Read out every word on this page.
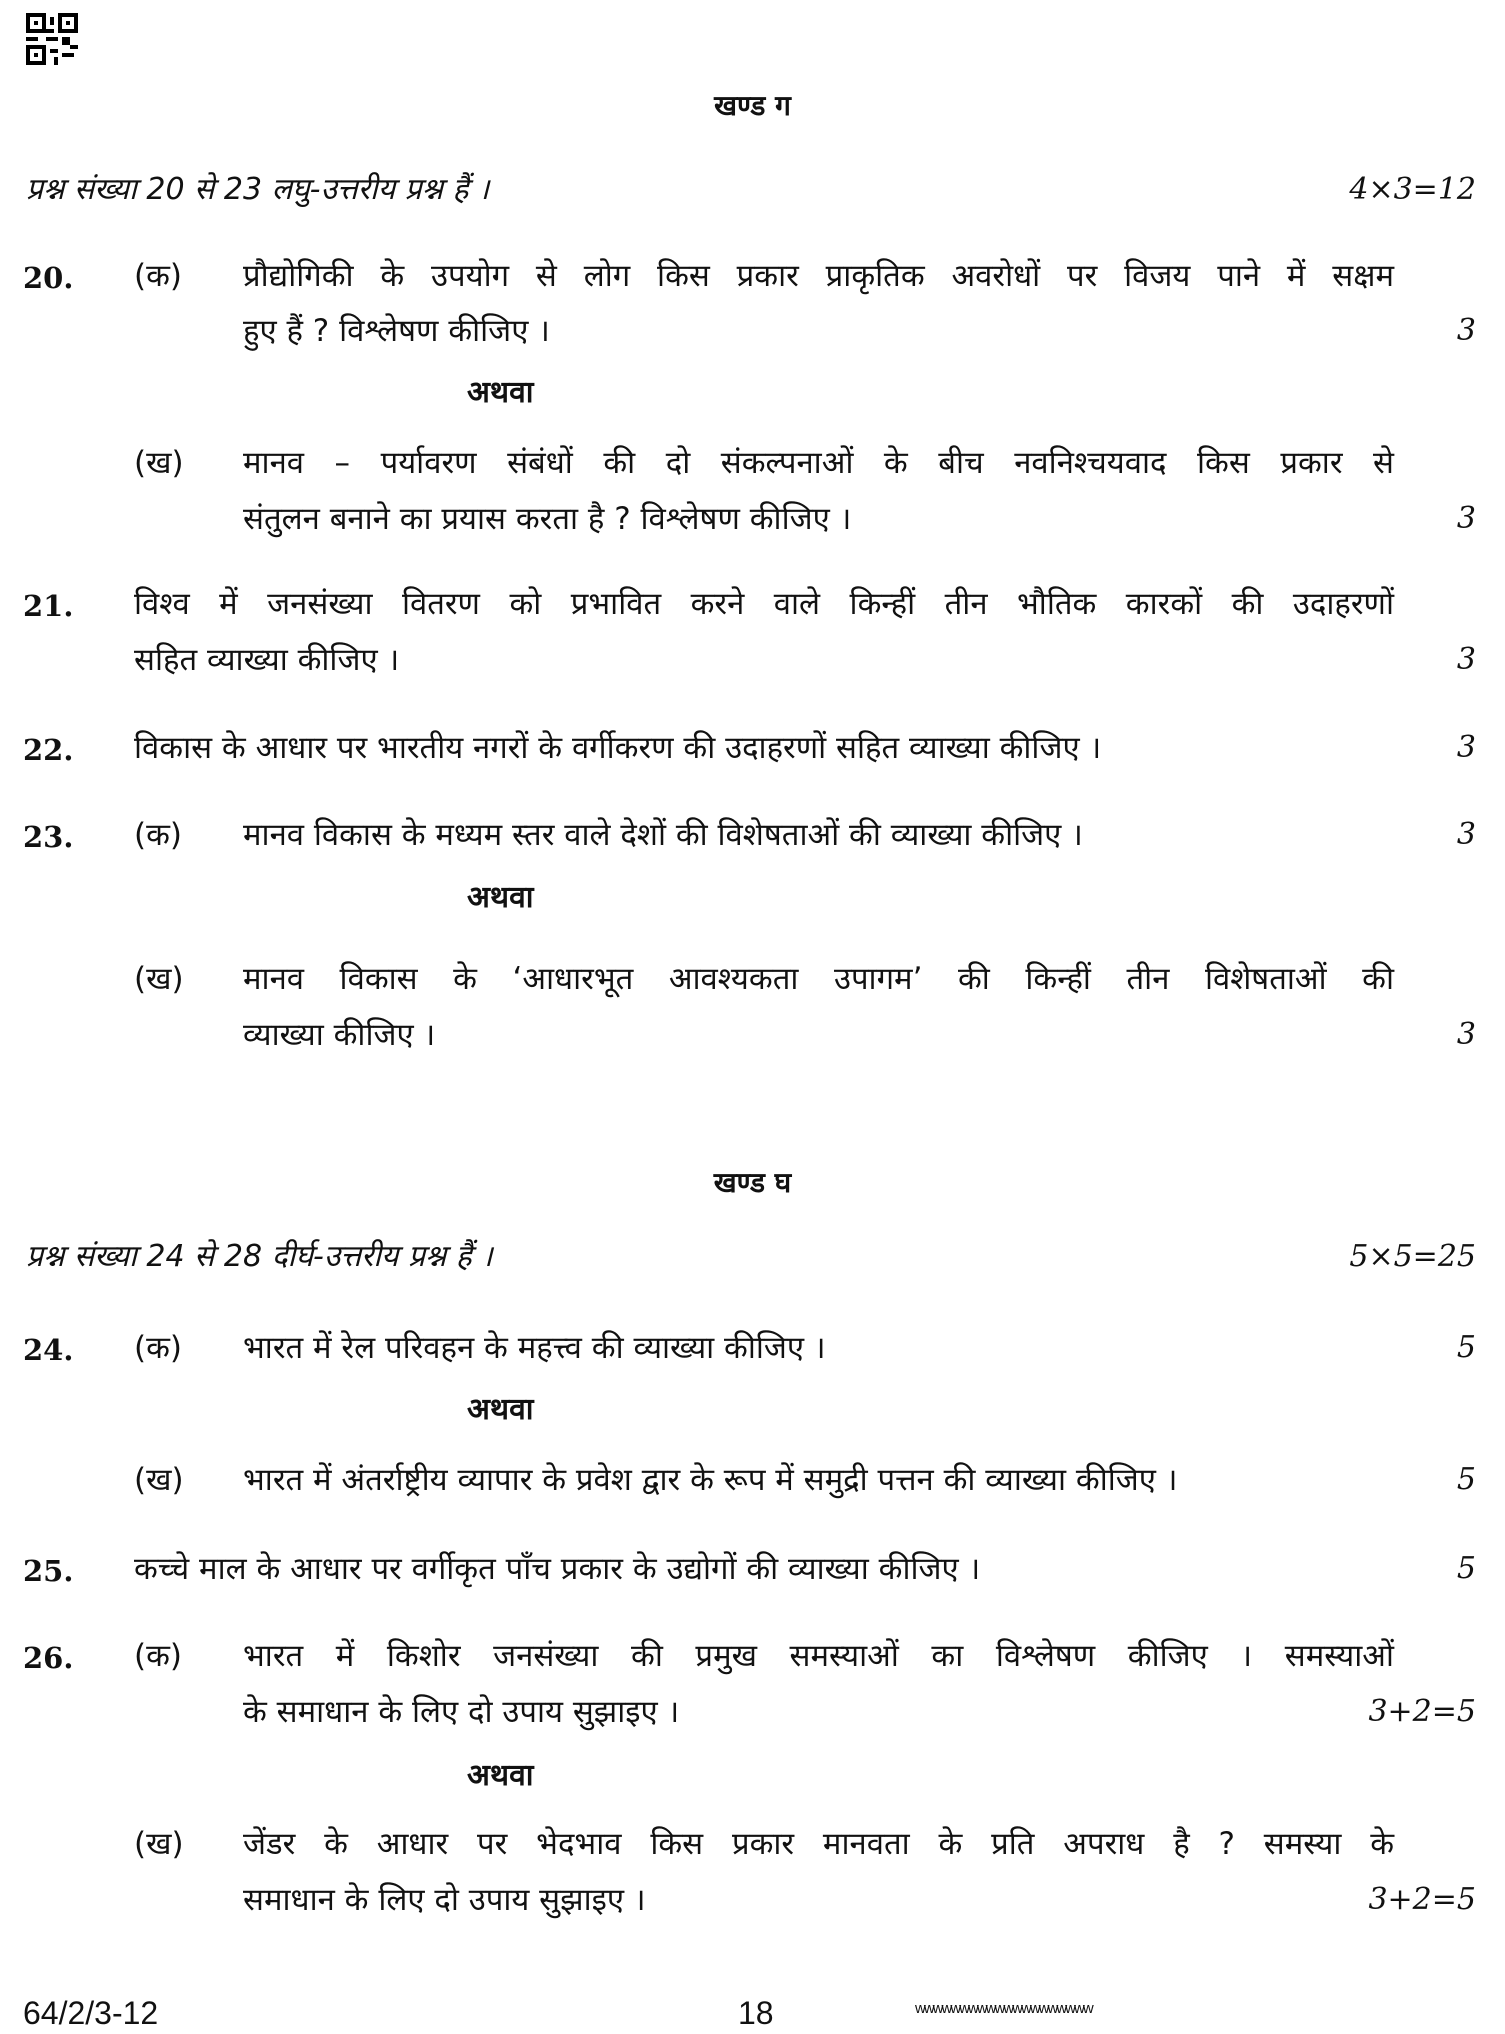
खण्ड ग
प्रश्न संख्या 20 से 23 लघु-उत्तरीय प्रश्न हैं ।	4×3=12
20. (क) प्रौद्योगिकी के उपयोग से लोग किस प्रकार प्राकृतिक अवरोधों पर विजय पाने में सक्षम
हुए हैं ? विश्लेषण कीजिए ।	3
अथवा
(ख) मानव – पर्यावरण संबंधों की दो संकल्पनाओं के बीच नवनिश्चयवाद किस प्रकार से
संतुलन बनाने का प्रयास करता है ? विश्लेषण कीजिए ।	3
21. विश्व में जनसंख्या वितरण को प्रभावित करने वाले किन्हीं तीन भौतिक कारकों की उदाहरणों
सहित व्याख्या कीजिए ।	3
22. विकास के आधार पर भारतीय नगरों के वर्गीकरण की उदाहरणों सहित व्याख्या कीजिए ।	3
23. (क) मानव विकास के मध्यम स्तर वाले देशों की विशेषताओं की व्याख्या कीजिए ।	3
अथवा
(ख) मानव विकास के ‘आधारभूत आवश्यकता उपागम’ की किन्हीं तीन विशेषताओं की
व्याख्या कीजिए ।	3
खण्ड घ
प्रश्न संख्या 24 से 28 दीर्घ-उत्तरीय प्रश्न हैं ।	5×5=25
24. (क) भारत में रेल परिवहन के महत्त्व की व्याख्या कीजिए ।	5
अथवा
(ख) भारत में अंतर्राष्ट्रीय व्यापार के प्रवेश द्वार के रूप में समुद्री पत्तन की व्याख्या कीजिए ।	5
25. कच्चे माल के आधार पर वर्गीकृत पाँच प्रकार के उद्योगों की व्याख्या कीजिए ।	5
26. (क) भारत में किशोर जनसंख्या की प्रमुख समस्याओं का विश्लेषण कीजिए । समस्याओं
के समाधान के लिए दो उपाय सुझाइए ।	3+2=5
अथवा
(ख) जेंडर के आधार पर भेदभाव किस प्रकार मानवता के प्रति अपराध है ? समस्या के
समाधान के लिए दो उपाय सुझाइए ।	3+2=5
64/2/3-12	18	wwwwwwwwwwwwwwwwwwww
